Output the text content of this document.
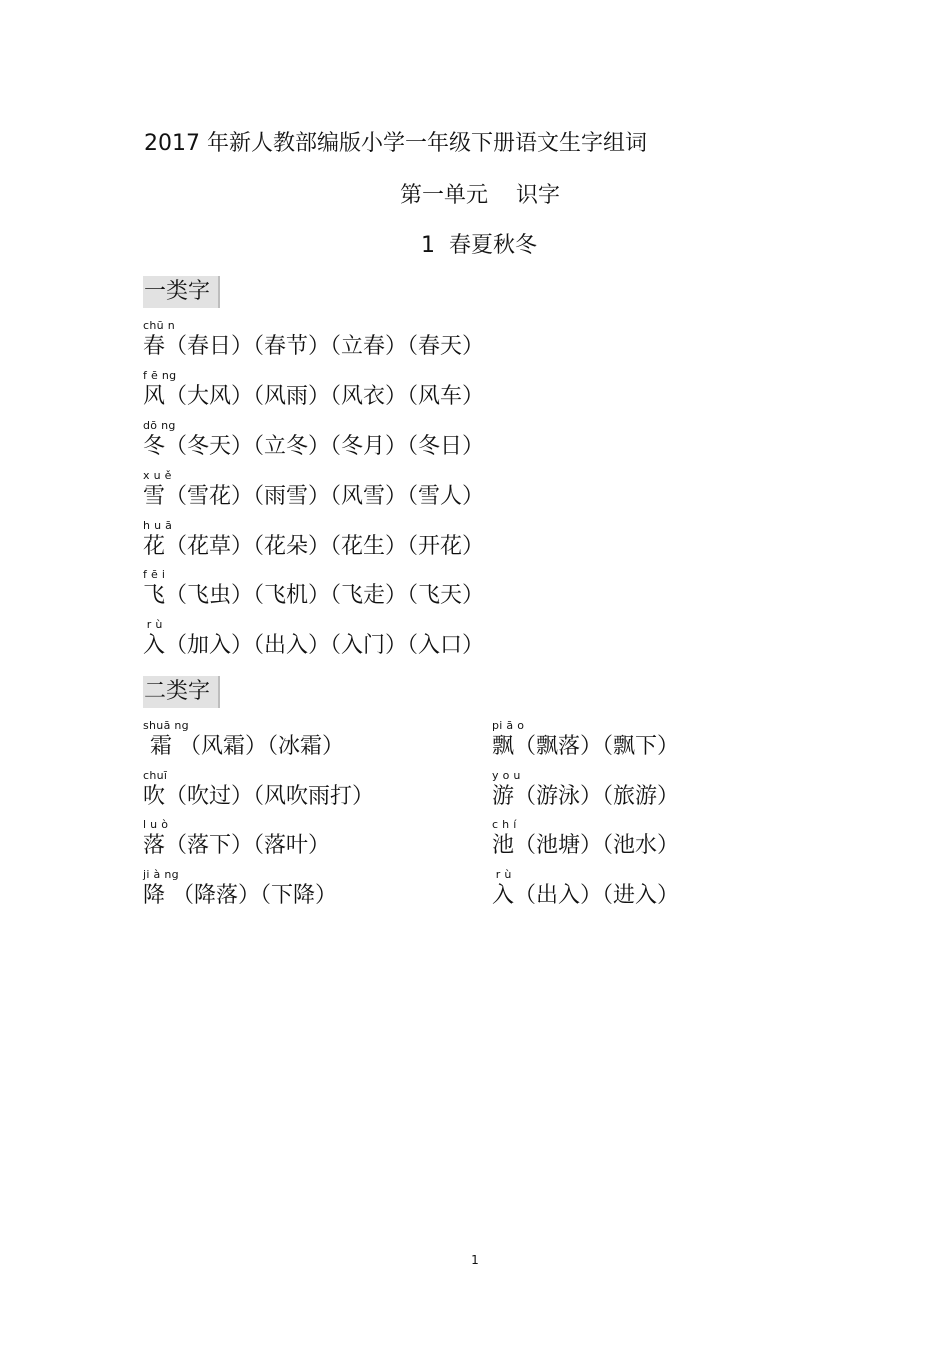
2017 年新人教部编版小学一年级下册语文生字组词
第一单元    识字
1  春夏秋冬
一类字
chū n
春（春日）（春节）（立春）（春天）
f ē ng
风（大风）（风雨）（风衣）（风车）
dō ng
冬（冬天）（立冬）（冬月）（冬日）
x u ě
雪（雪花）（雨雪）（风雪）（雪人）
h u ā
花（花草）（花朵）（花生）（开花）
f ē i
飞（飞虫）（飞机）（飞走）（飞天）
r ù
入（加入）（出入）（入门）（入口）
二类字
shuā ng
霜 （风霜）（冰霜）
chuī
吹（吹过）（风吹雨打）
l u ò
落（落下）（落叶）
ji à ng
降 （降落）（下降）
pi ā o
飘（飘落）（飘下）
y o u
游（游泳）（旅游）
c h í
池（池塘）（池水）
r ù
入（出入）（进入）
1
